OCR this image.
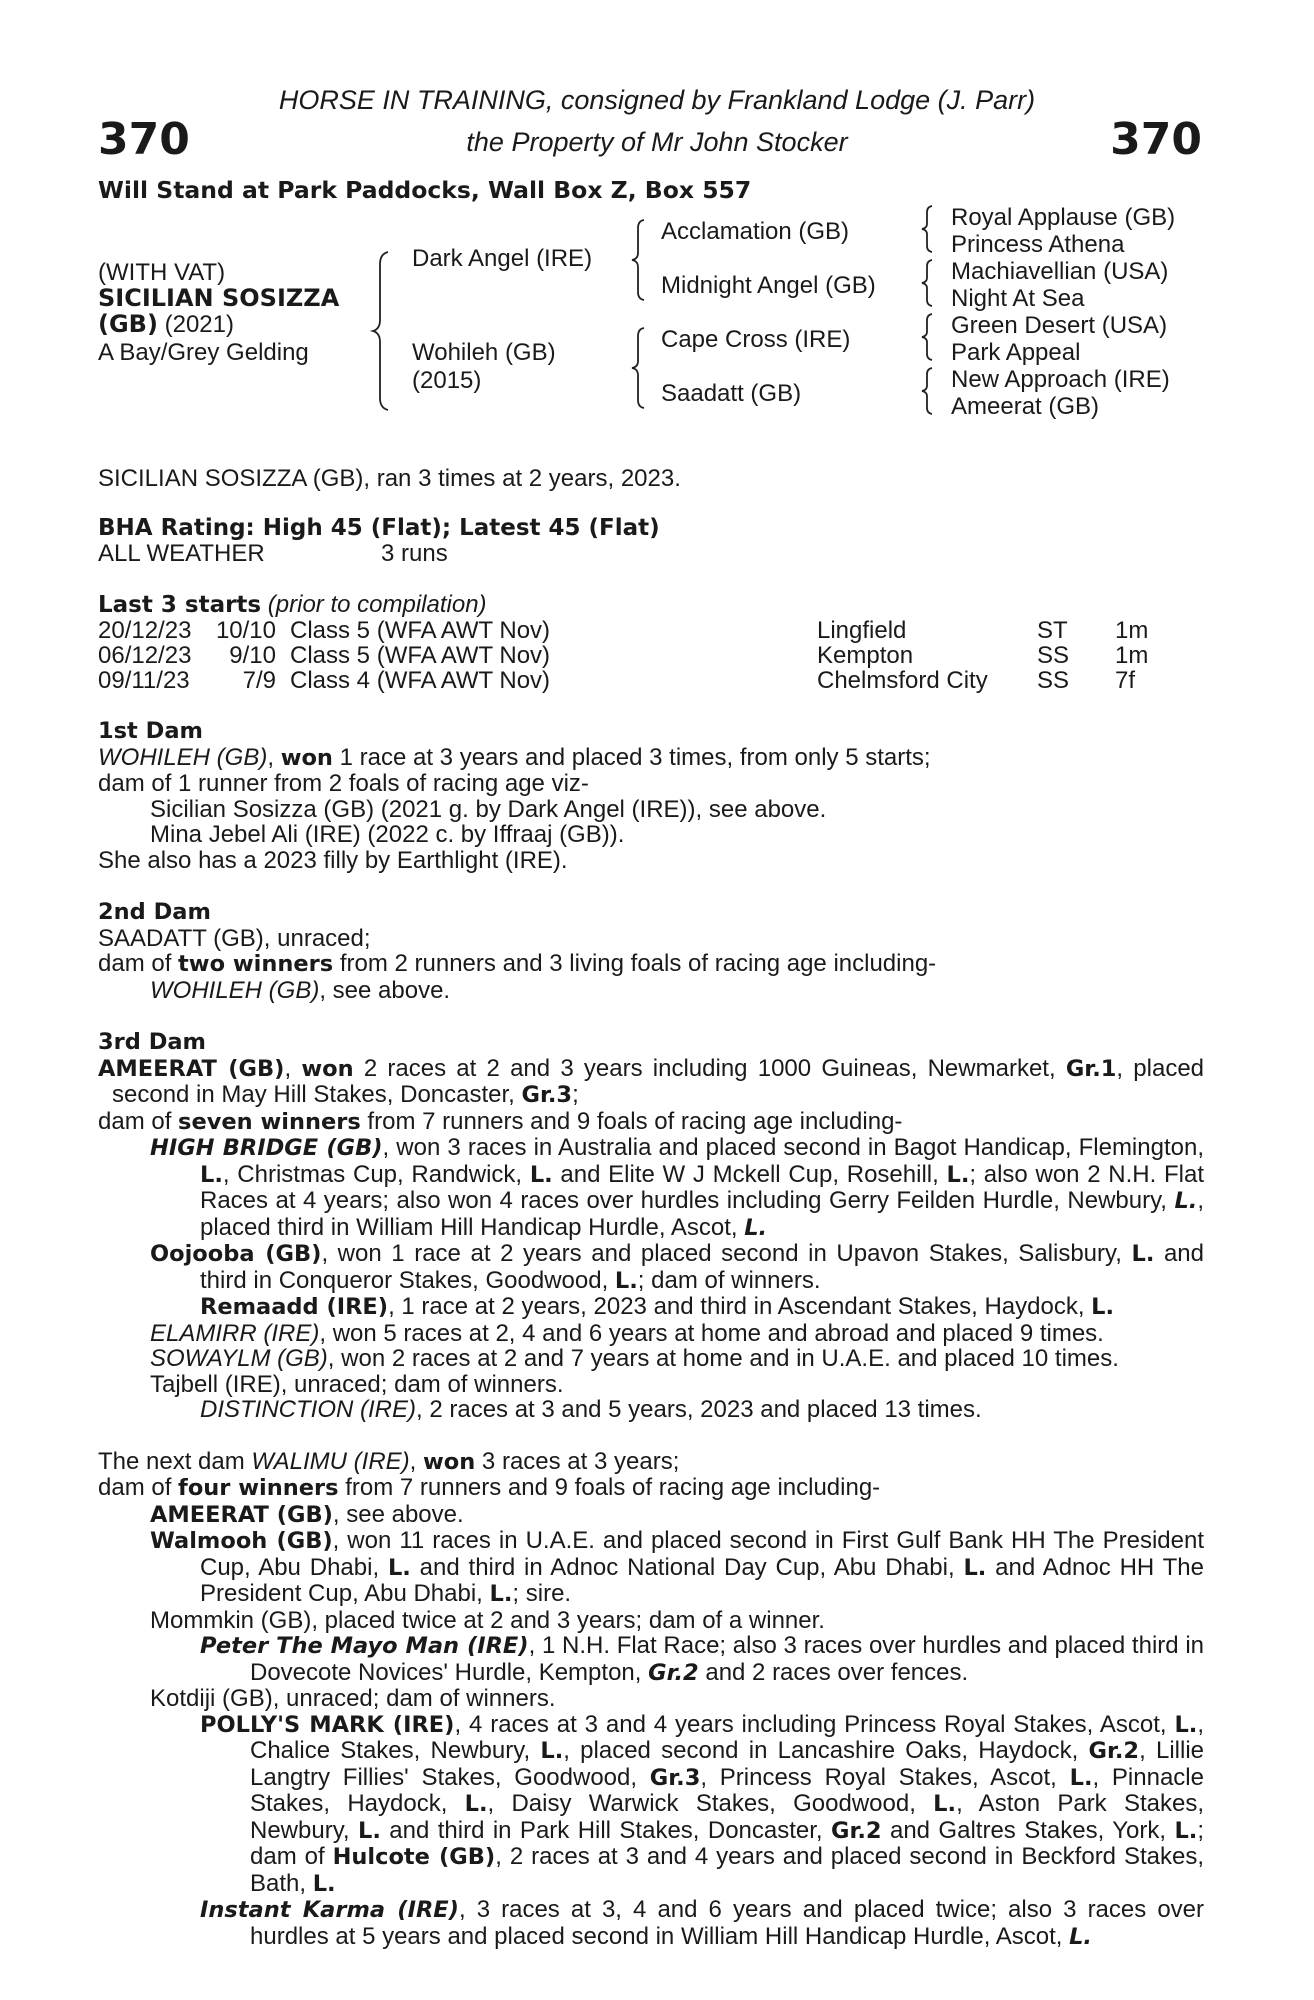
370	370
HORSE IN TRAINING, consigned by Frankland Lodge (J. Parr)
the Property of Mr John Stocker
Will Stand at Park Paddocks, Wall Box Z, Box 557
(WITH VAT)
SICILIAN SOSIZZA
(GB) (2021)
A Bay/Grey Gelding
Dark Angel (IRE)
Wohileh (GB)
(2015)
Acclamation (GB)
Midnight Angel (GB)
Cape Cross (IRE)
Saadatt (GB)
Royal Applause (GB)
Princess Athena
Machiavellian (USA)
Night At Sea
Green Desert (USA)
Park Appeal
New Approach (IRE)
Ameerat (GB)
SICILIAN SOSIZZA (GB), ran 3 times at 2 years, 2023.
BHA Rating: High 45 (Flat); Latest 45 (Flat)
ALL WEATHER	3 runs
Last 3 starts (prior to compilation)
20/12/23 10/10 Class 5 (WFA AWT Nov)	Lingfield	ST 1m
06/12/23 9/10 Class 5 (WFA AWT Nov)	Kempton	SS 1m
09/11/23 7/9 Class 4 (WFA AWT Nov)	Chelmsford City SS 7f

1st Dam

WOHILEH (GB), won 1 race at 3 years and placed 3 times, from only 5 starts;

dam of 1 runner from 2 foals of racing age viz-

Sicilian Sosizza (GB) (2021 g. by Dark Angel (IRE)), see above.

Mina Jebel Ali (IRE) (2022 c. by Iffraaj (GB)).

She also has a 2023 filly by Earthlight (IRE).

2nd Dam

SAADATT (GB), unraced;

dam of two winners from 2 runners and 3 living foals of racing age including-

WOHILEH (GB), see above.

3rd Dam

AMEERAT (GB), won 2 races at 2 and 3 years including 1000 Guineas, Newmarket, Gr.1, placed second in May Hill Stakes, Doncaster, Gr.3;

dam of seven winners from 7 runners and 9 foals of racing age including-

HIGH BRIDGE (GB), won 3 races in Australia and placed second in Bagot Handicap, Flemington, L., Christmas Cup, Randwick, L. and Elite W J Mckell Cup, Rosehill, L.; also won 2 N.H. Flat Races at 4 years; also won 4 races over hurdles including Gerry Feilden Hurdle, Newbury, L., placed third in William Hill Handicap Hurdle, Ascot, L.

Oojooba (GB), won 1 race at 2 years and placed second in Upavon Stakes, Salisbury, L. and third in Conqueror Stakes, Goodwood, L.; dam of winners.

Remaadd (IRE), 1 race at 2 years, 2023 and third in Ascendant Stakes, Haydock, L.

ELAMIRR (IRE), won 5 races at 2, 4 and 6 years at home and abroad and placed 9 times.

SOWAYLM (GB), won 2 races at 2 and 7 years at home and in U.A.E. and placed 10 times.

Tajbell (IRE), unraced; dam of winners.

DISTINCTION (IRE), 2 races at 3 and 5 years, 2023 and placed 13 times.

The next dam WALIMU (IRE), won 3 races at 3 years;

dam of four winners from 7 runners and 9 foals of racing age including-

AMEERAT (GB), see above.

Walmooh (GB), won 11 races in U.A.E. and placed second in First Gulf Bank HH The President Cup, Abu Dhabi, L. and third in Adnoc National Day Cup, Abu Dhabi, L. and Adnoc HH The President Cup, Abu Dhabi, L.; sire.

Mommkin (GB), placed twice at 2 and 3 years; dam of a winner.

Peter The Mayo Man (IRE), 1 N.H. Flat Race; also 3 races over hurdles and placed third in Dovecote Novices' Hurdle, Kempton, Gr.2 and 2 races over fences.

Kotdiji (GB), unraced; dam of winners.

POLLY'S MARK (IRE), 4 races at 3 and 4 years including Princess Royal Stakes, Ascot, L., Chalice Stakes, Newbury, L., placed second in Lancashire Oaks, Haydock, Gr.2, Lillie Langtry Fillies' Stakes, Goodwood, Gr.3, Princess Royal Stakes, Ascot, L., Pinnacle Stakes, Haydock, L., Daisy Warwick Stakes, Goodwood, L., Aston Park Stakes, Newbury, L. and third in Park Hill Stakes, Doncaster, Gr.2 and Galtres Stakes, York, L.; dam of Hulcote (GB), 2 races at 3 and 4 years and placed second in Beckford Stakes, Bath, L.

Instant Karma (IRE), 3 races at 3, 4 and 6 years and placed twice; also 3 races over hurdles at 5 years and placed second in William Hill Handicap Hurdle, Ascot, L.
